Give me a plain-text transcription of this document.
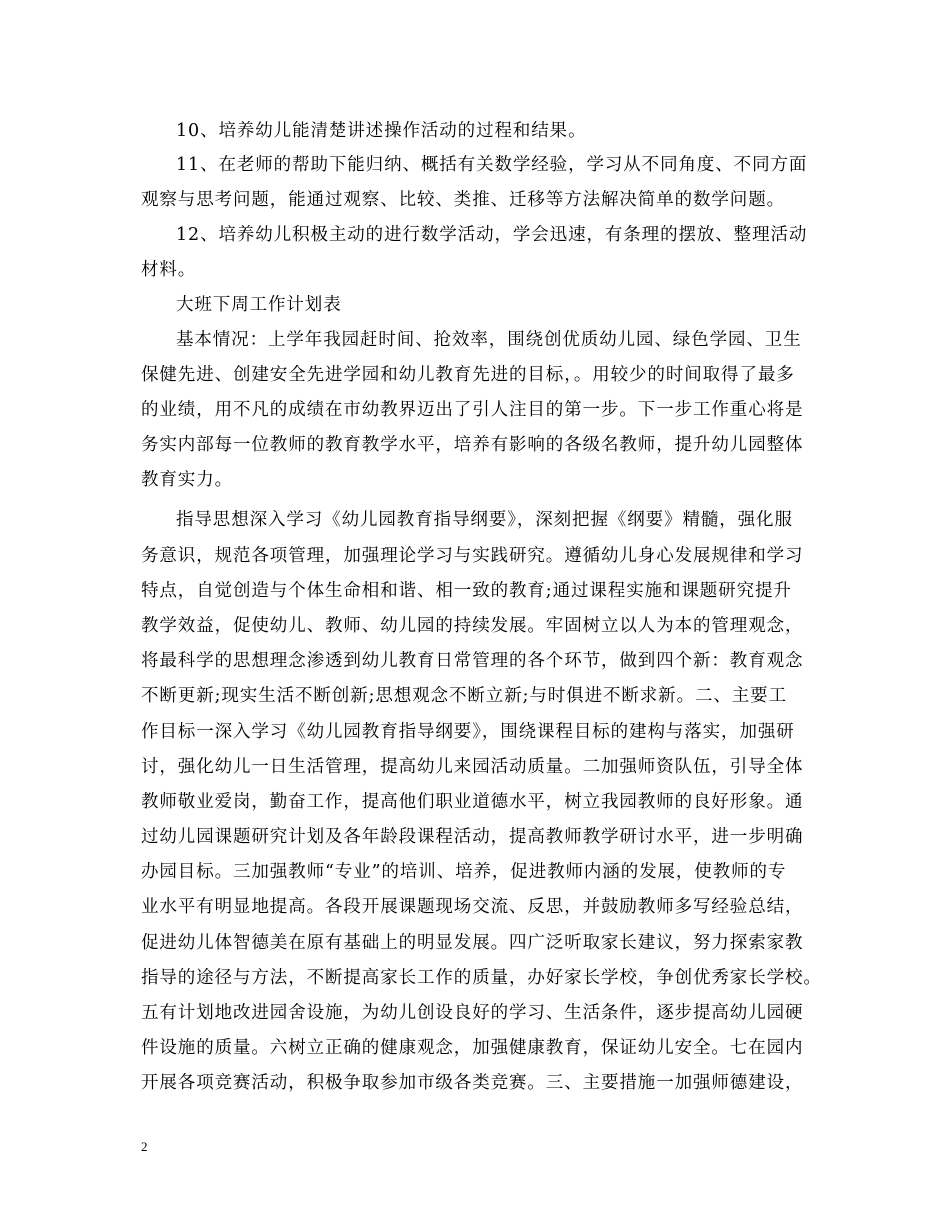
10、培养幼儿能清楚讲述操作活动的过程和结果。
11、在老师的帮助下能归纳、概括有关数学经验，学习从不同角度、不同方面
观察与思考问题，能通过观察、比较、类推、迁移等方法解决简单的数学问题。
12、培养幼儿积极主动的进行数学活动，学会迅速，有条理的摆放、整理活动
材料。
大班下周工作计划表
基本情况：上学年我园赶时间、抢效率，围绕创优质幼儿园、绿色学园、卫生
保健先进、创建安全先进学园和幼儿教育先进的目标，。用较少的时间取得了最多
的业绩，用不凡的成绩在市幼教界迈出了引人注目的第一步。下一步工作重心将是
务实内部每一位教师的教育教学水平，培养有影响的各级名教师，提升幼儿园整体
教育实力。
指导思想深入学习《幼儿园教育指导纲要》，深刻把握《纲要》精髓，强化服
务意识，规范各项管理，加强理论学习与实践研究。遵循幼儿身心发展规律和学习
特点，自觉创造与个体生命相和谐、相一致的教育;通过课程实施和课题研究提升
教学效益，促使幼儿、教师、幼儿园的持续发展。牢固树立以人为本的管理观念，
将最科学的思想理念渗透到幼儿教育日常管理的各个环节，做到四个新：教育观念
不断更新;现实生活不断创新;思想观念不断立新;与时俱进不断求新。二、主要工
作目标一深入学习《幼儿园教育指导纲要》，围绕课程目标的建构与落实，加强研
讨，强化幼儿一日生活管理，提高幼儿来园活动质量。二加强师资队伍，引导全体
教师敬业爱岗，勤奋工作，提高他们职业道德水平，树立我园教师的良好形象。通
过幼儿园课题研究计划及各年龄段课程活动，提高教师教学研讨水平，进一步明确
办园目标。三加强教师“专业”的培训、培养，促进教师内涵的发展，使教师的专
业水平有明显地提高。各段开展课题现场交流、反思，并鼓励教师多写经验总结，
促进幼儿体智德美在原有基础上的明显发展。四广泛听取家长建议，努力探索家教
指导的途径与方法，不断提高家长工作的质量，办好家长学校，争创优秀家长学校。
五有计划地改进园舍设施，为幼儿创设良好的学习、生活条件，逐步提高幼儿园硬
件设施的质量。六树立正确的健康观念，加强健康教育，保证幼儿安全。七在园内
开展各项竞赛活动，积极争取参加市级各类竞赛。三、主要措施一加强师德建设，
2
